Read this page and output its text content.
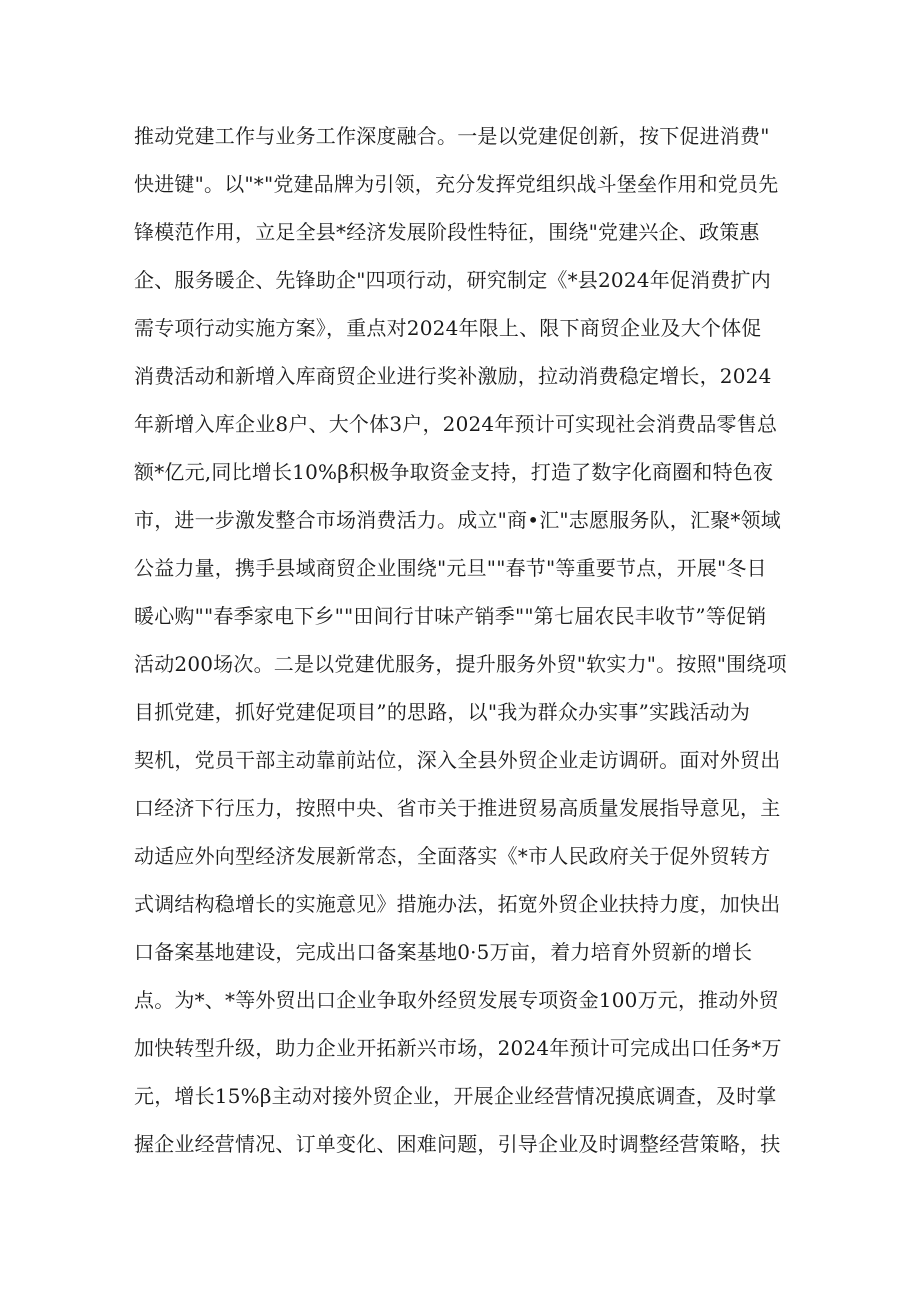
推动党建工作与业务工作深度融合。一是以党建促创新，按下促进消费"
快进键"。以"*"党建品牌为引领，充分发挥党组织战斗堡垒作用和党员先
锋模范作用，立足全县*经济发展阶段性特征，围绕"党建兴企、政策惠
企、服务暖企、先锋助企"四项行动，研究制定《*县2024年促消费扩内
需专项行动实施方案》，重点对2024年限上、限下商贸企业及大个体促
消费活动和新增入库商贸企业进行奖补激励，拉动消费稳定增长，2024
年新增入库企业8户、大个体3户，2024年预计可实现社会消费品零售总
额*亿元,同比增长10%β积极争取资金支持，打造了数字化商圈和特色夜
市，进一步激发整合市场消费活力。成立"商•汇"志愿服务队，汇聚*领域
公益力量，携手县域商贸企业围绕"元旦""春节"等重要节点，开展"冬日
暖心购""春季家电下乡""田间行甘味产销季""第七届农民丰收节”等促销
活动200场次。二是以党建优服务，提升服务外贸"软实力"。按照"围绕项
目抓党建，抓好党建促项目”的思路，以"我为群众办实事”实践活动为
契机，党员干部主动靠前站位，深入全县外贸企业走访调研。面对外贸出
口经济下行压力，按照中央、省市关于推进贸易高质量发展指导意见，主
动适应外向型经济发展新常态，全面落实《*市人民政府关于促外贸转方
式调结构稳增长的实施意见》措施办法，拓宽外贸企业扶持力度，加快出
口备案基地建设，完成出口备案基地0·5万亩，着力培育外贸新的增长
点。为*、*等外贸出口企业争取外经贸发展专项资金100万元，推动外贸
加快转型升级，助力企业开拓新兴市场，2024年预计可完成出口任务*万
元，增长15%β主动对接外贸企业，开展企业经营情况摸底调查，及时掌
握企业经营情况、订单变化、困难问题，引导企业及时调整经营策略，扶
